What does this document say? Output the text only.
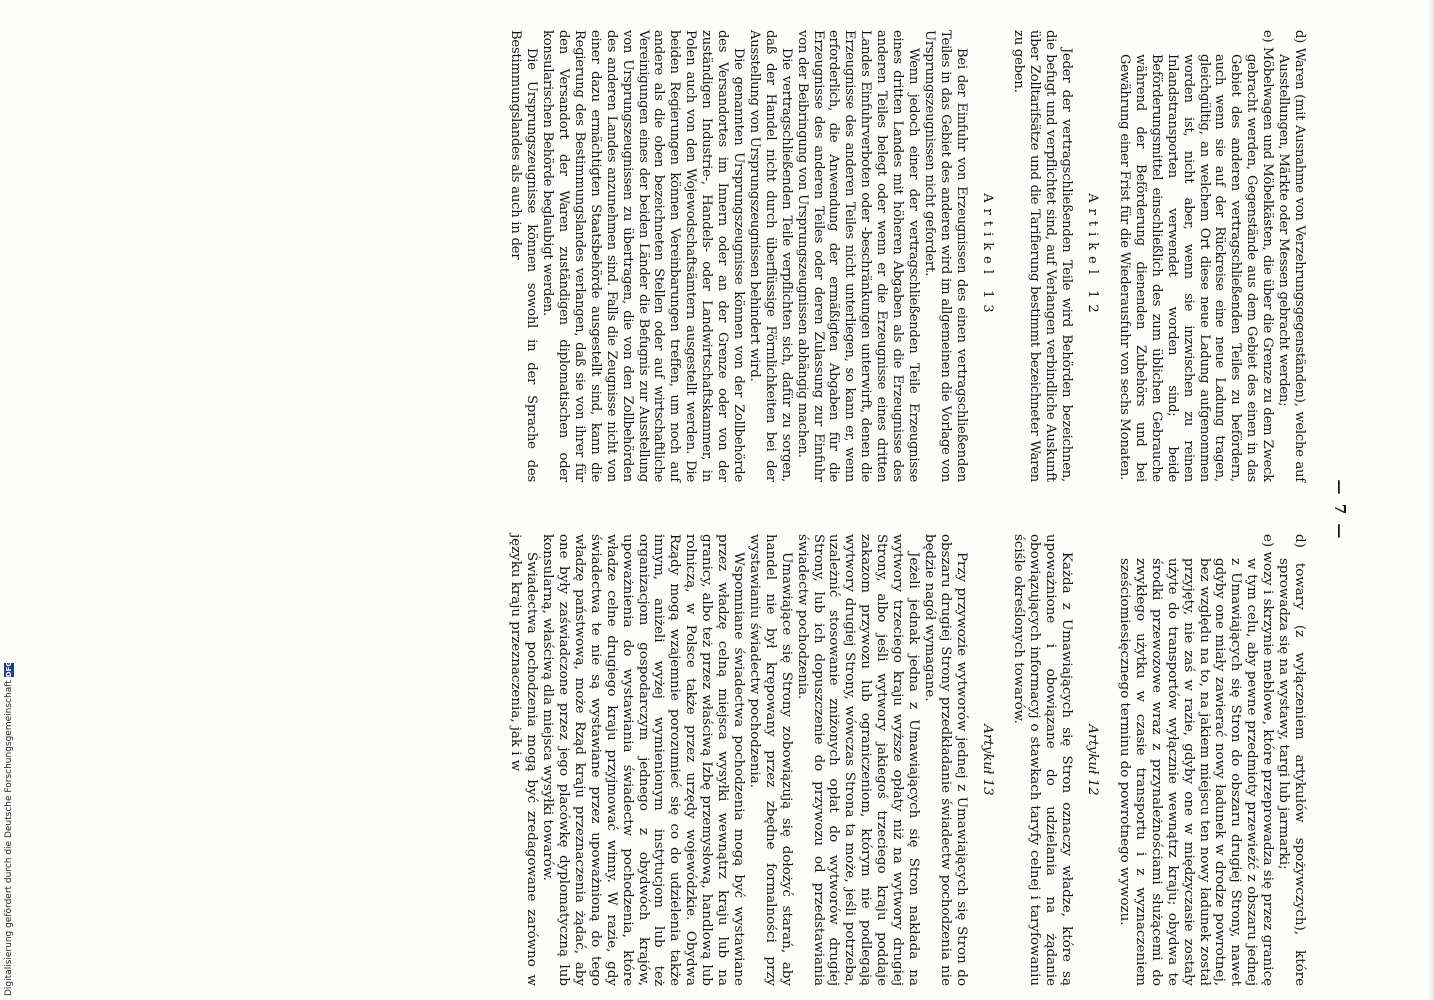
— 7 —

d) Waren (mit Ausnahme von Verzehrungsgegenständen), welche auf Ausstellungen, Märkte oder Messen gebracht werden;

e) Möbelwagen und Möbelkästen, die über die Grenze zu dem Zweck gebracht werden, Gegenstände aus dem Gebiet des einen in das Gebiet des anderen vertragschließenden Teiles zu befördern, auch wenn sie auf der Rückreise eine neue Ladung tragen, gleichgültig, an welchem Ort diese neue Ladung aufgenommen worden ist, nicht aber, wenn sie inzwischen zu reinen Inlandstransporten verwendet worden sind; beide Beförderungsmittel einschließlich des zum üblichen Gebrauche während der Beförderung dienenden Zubehörs und bei Gewährung einer Frist für die Wiederausfuhr von sechs Monaten.

Artikel 12

Jeder der vertragschließenden Teile wird Behörden bezeichnen, die befugt und verpflichtet sind, auf Verlangen verbindliche Auskunft über Zolltarifsätze und die Tarifierung bestimmt bezeichneter Waren zu geben.

Artikel 13

Bei der Einfuhr von Erzeugnissen des einen vertragschließenden Teiles in das Gebiet des anderen wird im allgemeinen die Vorlage von Ursprungszeugnissen nicht gefordert.

Wenn jedoch einer der vertragschließenden Teile Erzeugnisse eines dritten Landes mit höheren Abgaben als die Erzeugnisse des anderen Teiles belegt oder wenn er die Erzeugnisse eines dritten Landes Einfuhrverboten oder -beschränkungen unterwirft, denen die Erzeugnisse des anderen Teiles nicht unterliegen, so kann er, wenn erforderlich, die Anwendung der ermäßigten Abgaben für die Erzeugnisse des anderen Teiles oder deren Zulassung zur Einfuhr von der Beibringung von Ursprungszeugnissen abhängig machen.

Die vertragschließenden Teile verpflichten sich, dafür zu sorgen, daß der Handel nicht durch überflüssige Förmlichkeiten bei der Ausstellung von Ursprungszeugnissen behindert wird.

Die genannten Ursprungszeugnisse können von der Zollbehörde des Versandortes im Innern oder an der Grenze oder von der zuständigen Industrie-, Handels- oder Landwirtschaftskammer, in Polen auch von den Wojewodschaftsämtern ausgestellt werden. Die beiden Regierungen können Vereinbarungen treffen, um noch auf andere als die oben bezeichneten Stellen oder auf wirtschaftliche Vereinigungen eines der beiden Länder die Befugnis zur Ausstellung von Ursprungszeugnissen zu übertragen, die von den Zollbehörden des anderen Landes anzunehmen sind. Falls die Zeugnisse nicht von einer dazu ermächtigten Staatsbehörde ausgestellt sind, kann die Regierung des Bestimmungslandes verlangen, daß sie von ihrer für den Versandort der Waren zuständigen diplomatischen oder konsularischen Behörde beglaubigt werden.

Die Ursprungszeugnisse können sowohl in der Sprache des Bestimmungslandes als auch in der

d) towary (z wyłączeniem artykułów spożywczych), które sprowadza się na wystawy, targi lub jarmarki;

e) wozy i skrzynie meblowe, które przeprowadza się przez granicę w tym celu, aby pewne przedmioty przewieźć z obszaru jednej z Umawiających się Stron do obszaru drugiej Strony, nawet gdyby one miały zawierać nowy ładunek w drodze powrotnej, bez względu na to, na jakiem miejscu ten nowy ładunek został przyjęty, nie zaś w razie, gdyby one w międzyczasie zostały użyte do transportów wyłącznie wewnątrz kraju; obydwa te środki przewozowe wraz z przynależnościami służącemi do zwykłego użytku w czasie transportu i z wyznaczeniem sześciomiesięcznego terminu do powrotnego wywozu.

Artykuł 12

Każda z Umawiających się Stron oznaczy władze, które są upoważnione i obowiązane do udzielania na żądanie obowiązujących informacyj o stawkach taryfy celnej i taryfowaniu ściśle określonych towarów.

Artykuł 13

Przy przywozie wytworów jednej z Umawiających się Stron do obszaru drugiej Strony przedkładanie świadectw pochodzenia nie będzie nagół wymagane.

Jeżeli jednak jedna z Umawiających się Stron nakłada na wytwory trzeciego kraju wyższe opłaty niż na wytwory drugiej Strony, albo jeśli wytwory jakiegoś trzeciego kraju poddaje zakazom przywozu lub ograniczeniom, którym nie podlegają wytwory drugiej Strony, wówczas Strona ta może, jeśli potrzeba, uzależnić stosowanie zniżonych opłat do wytworów drugiej Strony, lub ich dopuszczenie do przywozu od przedstawiania świadectw pochodzenia.

Umawiające się Strony zobowiązują się dołożyć starań, aby handel nie był krępowany przez zbędne formalności przy wystawianiu świadectw pochodzenia.

Wspomniane świadectwa pochodzenia mogą być wystawiane przez władzę celną miejsca wysyłki wewnątrz kraju lub na granicy, albo też przez właściwą Izbę przemysłową, handlową lub rolniczą, w Polsce także przez urzędy wojewódzkie. Obydwa Rządy mogą wzajemnie porozumieć się co do udzielenia także innym, aniżeli wyżej wymienionym instytucjom lub też organizacjom gospodarczym jednego z obydwóch krajów, upoważnienia do wystawiania świadectw pochodzenia, które władze celne drugiego kraju przyjmować winny. W razie, gdy świadectwa te nie są wystawiane przez upoważnioną do tego władzę państwową, może Rząd kraju przeznaczenia żądać, aby one były zaświadczone przez jego placówkę dyplomatyczną lub konsularną, właściwą dla miejsca wysyłki towarów.

Świadectwa pochodzenia mogą być zredagowane zarówno w języku kraju przeznaczenia, jak i w

Digitalisierung gefördert durch die Deutsche Forschungsgemeinschaft
DFG
